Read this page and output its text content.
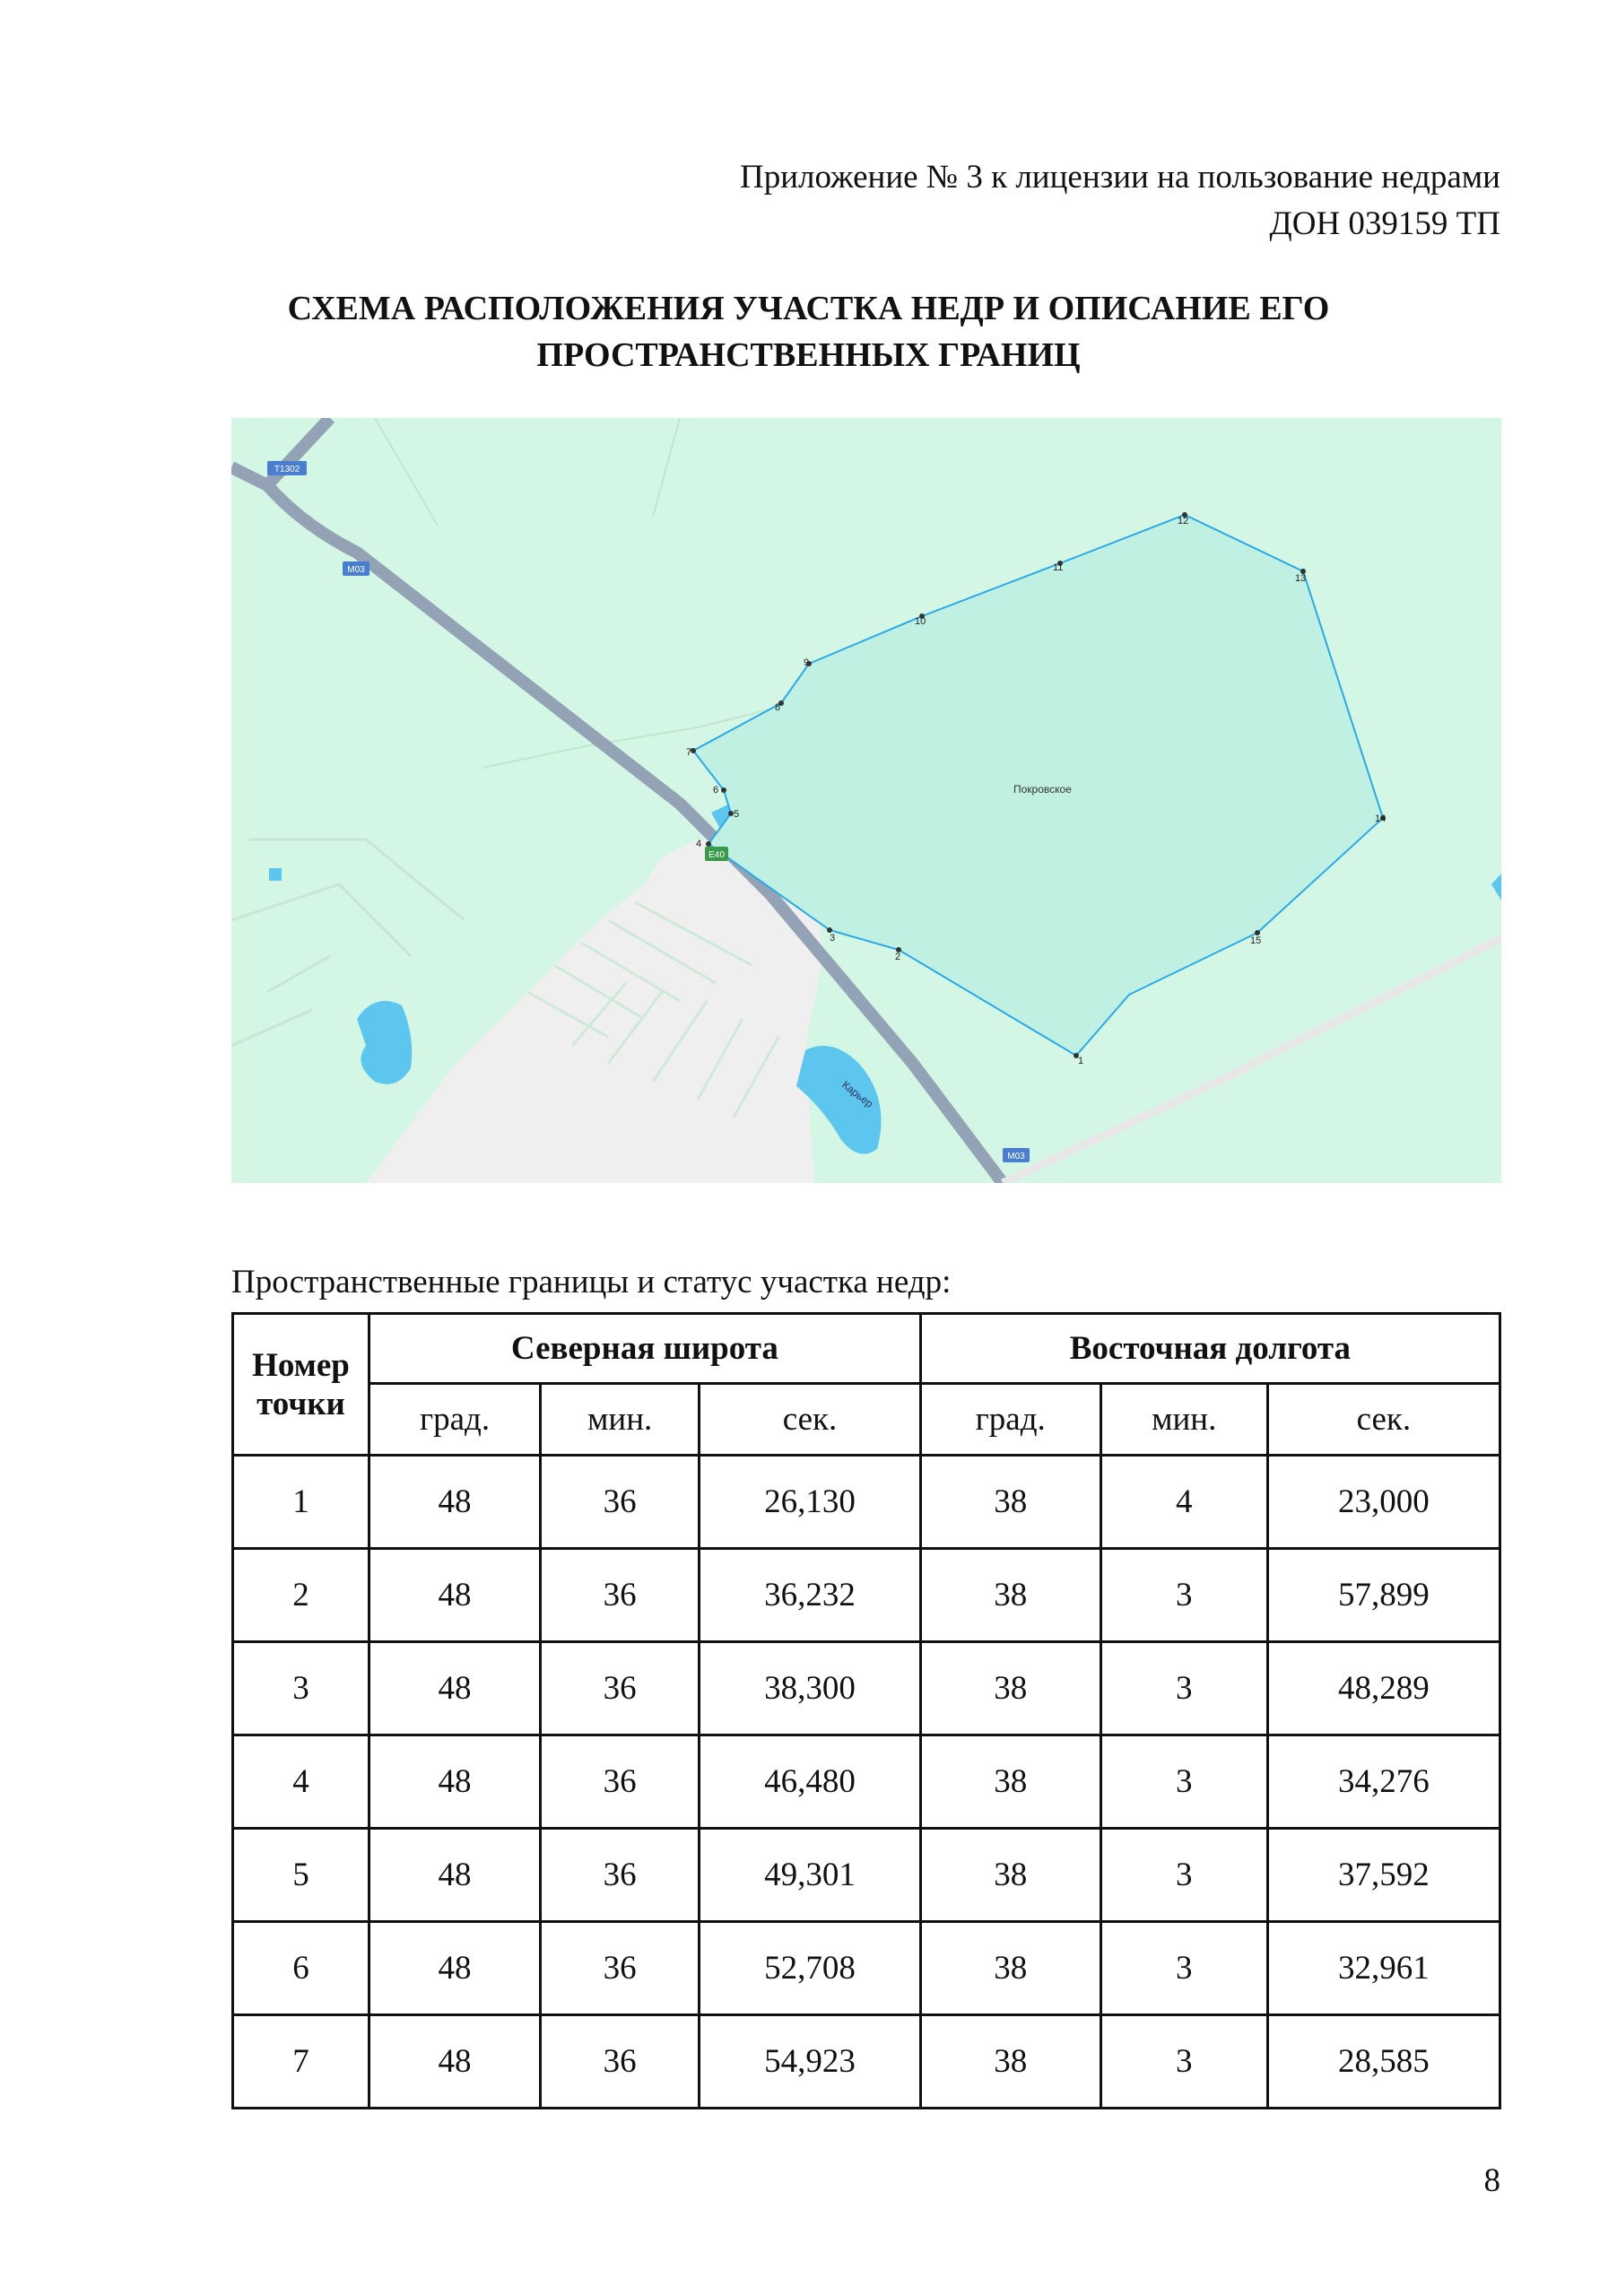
Приложение № 3 к лицензии на пользование недрами
ДОН 039159 ТП
СХЕМА РАСПОЛОЖЕНИЯ УЧАСТКА НЕДР И ОПИСАНИЕ ЕГО
ПРОСТРАНСТВЕННЫХ ГРАНИЦ
1
2
3
4
5
6
7
8
9
10
11
12
13
14
15
Покровское
Карьер
Т1302
М03
Е40
М03
Пространственные границы и статус участка недр:
Номер
точки	Северная широта			Восточная долгота		
	град.	мин.	сек.	град.	мин.	сек.
1	48	36	26,130	38	4	23,000
2	48	36	36,232	38	3	57,899
3	48	36	38,300	38	3	48,289
4	48	36	46,480	38	3	34,276
5	48	36	49,301	38	3	37,592
6	48	36	52,708	38	3	32,961
7	48	36	54,923	38	3	28,585
8
